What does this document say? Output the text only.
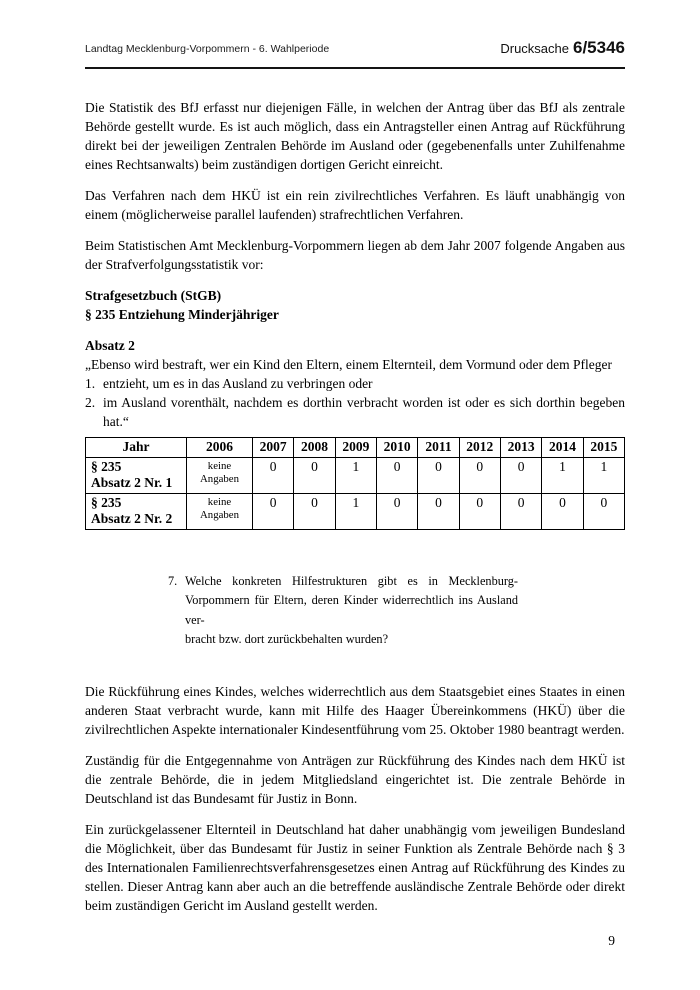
Landtag Mecklenburg-Vorpommern - 6. Wahlperiode	Drucksache 6/5346

Die Statistik des BfJ erfasst nur diejenigen Fälle, in welchen der Antrag über das BfJ als zentrale Behörde gestellt wurde. Es ist auch möglich, dass ein Antragsteller einen Antrag auf Rückführung direkt bei der jeweiligen Zentralen Behörde im Ausland oder (gegebenenfalls unter Zuhilfenahme eines Rechtsanwalts) beim zuständigen dortigen Gericht einreicht.

Das Verfahren nach dem HKÜ ist ein rein zivilrechtliches Verfahren. Es läuft unabhängig von einem (möglicherweise parallel laufenden) strafrechtlichen Verfahren.

Beim Statistischen Amt Mecklenburg-Vorpommern liegen ab dem Jahr 2007 folgende Angaben aus der Strafverfolgungsstatistik vor:

Strafgesetzbuch (StGB)
§ 235 Entziehung Minderjähriger
Absatz 2
„Ebenso wird bestraft, wer ein Kind den Eltern, einem Elternteil, dem Vormund oder dem Pfleger
1. entzieht, um es in das Ausland zu verbringen oder
2. im Ausland vorenthält, nachdem es dorthin verbracht worden ist oder es sich dorthin begeben hat.“
Jahr	2006	2007	2008	2009	2010	2011	2012	2013	2014	2015

§ 235
Absatz 2 Nr. 1	keine Angaben	0	0	1	0	0	0	0	1	1

§ 235
Absatz 2 Nr. 2	keine Angaben	0	0	1	0	0	0	0	0	0
7. Welche konkreten Hilfestrukturen gibt es in Mecklenburg-
Vorpommern für Eltern, deren Kinder widerrechtlich ins Ausland ver-
bracht bzw. dort zurückbehalten wurden?

Die Rückführung eines Kindes, welches widerrechtlich aus dem Staatsgebiet eines Staates in einen anderen Staat verbracht wurde, kann mit Hilfe des Haager Übereinkommens (HKÜ) über die zivilrechtlichen Aspekte internationaler Kindesentführung vom 25. Oktober 1980 beantragt werden.

Zuständig für die Entgegennahme von Anträgen zur Rückführung des Kindes nach dem HKÜ ist die zentrale Behörde, die in jedem Mitgliedsland eingerichtet ist. Die zentrale Behörde in Deutschland ist das Bundesamt für Justiz in Bonn.

Ein zurückgelassener Elternteil in Deutschland hat daher unabhängig vom jeweiligen Bundesland die Möglichkeit, über das Bundesamt für Justiz in seiner Funktion als Zentrale Behörde nach § 3 des Internationalen Familienrechtsverfahrensgesetzes einen Antrag auf Rückführung des Kindes zu stellen. Dieser Antrag kann aber auch an die betreffende ausländische Zentrale Behörde oder direkt beim zuständigen Gericht im Ausland gestellt werden.

9
